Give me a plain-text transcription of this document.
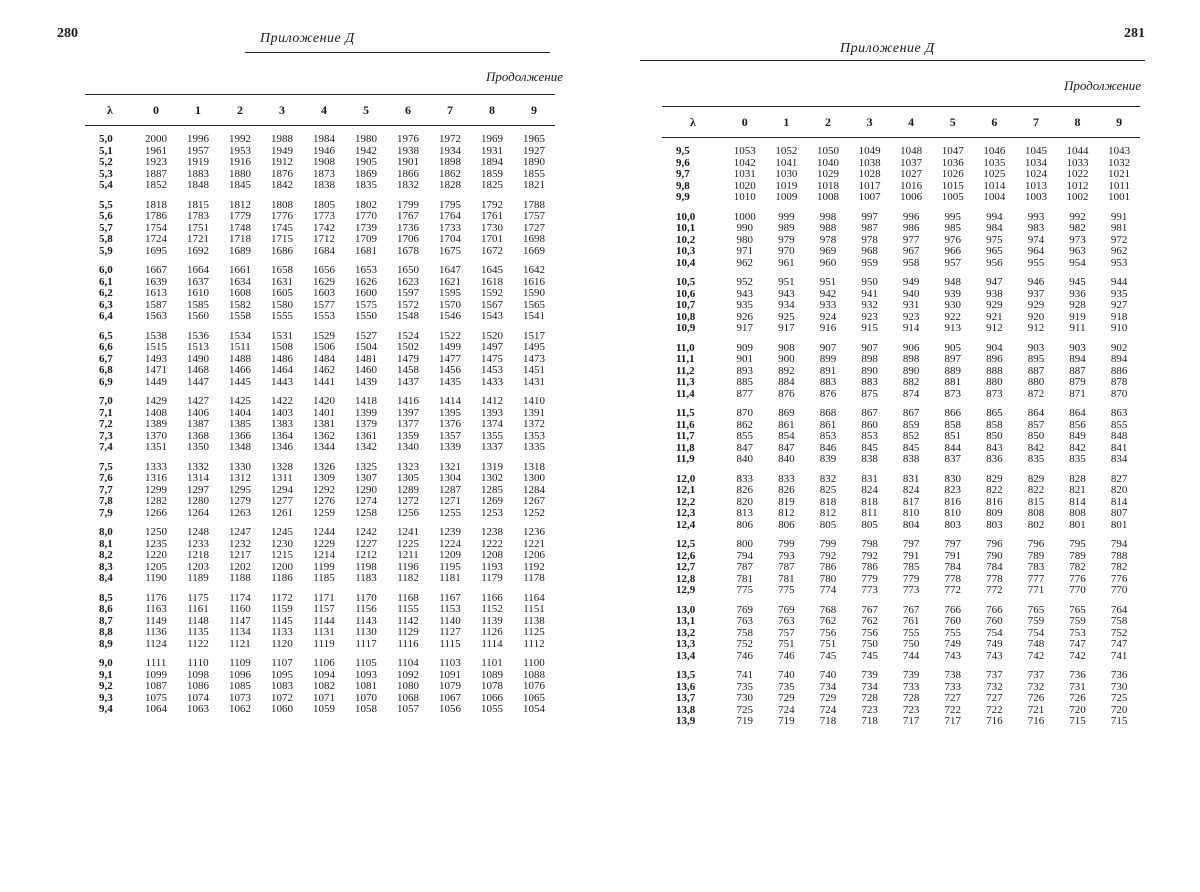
280	Приложение Д
Продолжение
λ	0	1	2	3	4	5	6	7	8	9

5,0	2000	1996	1992	1988	1984	1980	1976	1972	1969	1965
5,1	1961	1957	1953	1949	1946	1942	1938	1934	1931	1927
5,2	1923	1919	1916	1912	1908	1905	1901	1898	1894	1890
5,3	1887	1883	1880	1876	1873	1869	1866	1862	1859	1855
5,4	1852	1848	1845	1842	1838	1835	1832	1828	1825	1821

5,5	1818	1815	1812	1808	1805	1802	1799	1795	1792	1788
5,6	1786	1783	1779	1776	1773	1770	1767	1764	1761	1757
5,7	1754	1751	1748	1745	1742	1739	1736	1733	1730	1727
5,8	1724	1721	1718	1715	1712	1709	1706	1704	1701	1698
5,9	1695	1692	1689	1686	1684	1681	1678	1675	1672	1669

6,0	1667	1664	1661	1658	1656	1653	1650	1647	1645	1642
6,1	1639	1637	1634	1631	1629	1626	1623	1621	1618	1616
6,2	1613	1610	1608	1605	1603	1600	1597	1595	1592	1590
6,3	1587	1585	1582	1580	1577	1575	1572	1570	1567	1565
6,4	1563	1560	1558	1555	1553	1550	1548	1546	1543	1541

6,5	1538	1536	1534	1531	1529	1527	1524	1522	1520	1517
6,6	1515	1513	1511	1508	1506	1504	1502	1499	1497	1495
6,7	1493	1490	1488	1486	1484	1481	1479	1477	1475	1473
6,8	1471	1468	1466	1464	1462	1460	1458	1456	1453	1451
6,9	1449	1447	1445	1443	1441	1439	1437	1435	1433	1431

7,0	1429	1427	1425	1422	1420	1418	1416	1414	1412	1410
7,1	1408	1406	1404	1403	1401	1399	1397	1395	1393	1391
7,2	1389	1387	1385	1383	1381	1379	1377	1376	1374	1372
7,3	1370	1368	1366	1364	1362	1361	1359	1357	1355	1353
7,4	1351	1350	1348	1346	1344	1342	1340	1339	1337	1335

7,5	1333	1332	1330	1328	1326	1325	1323	1321	1319	1318
7,6	1316	1314	1312	1311	1309	1307	1305	1304	1302	1300
7,7	1299	1297	1295	1294	1292	1290	1289	1287	1285	1284
7,8	1282	1280	1279	1277	1276	1274	1272	1271	1269	1267
7,9	1266	1264	1263	1261	1259	1258	1256	1255	1253	1252

8,0	1250	1248	1247	1245	1244	1242	1241	1239	1238	1236
8,1	1235	1233	1232	1230	1229	1227	1225	1224	1222	1221
8,2	1220	1218	1217	1215	1214	1212	1211	1209	1208	1206
8,3	1205	1203	1202	1200	1199	1198	1196	1195	1193	1192
8,4	1190	1189	1188	1186	1185	1183	1182	1181	1179	1178

8,5	1176	1175	1174	1172	1171	1170	1168	1167	1166	1164
8,6	1163	1161	1160	1159	1157	1156	1155	1153	1152	1151
8,7	1149	1148	1147	1145	1144	1143	1142	1140	1139	1138
8,8	1136	1135	1134	1133	1131	1130	1129	1127	1126	1125
8,9	1124	1122	1121	1120	1119	1117	1116	1115	1114	1112

9,0	1111	1110	1109	1107	1106	1105	1104	1103	1101	1100
9,1	1099	1098	1096	1095	1094	1093	1092	1091	1089	1088
9,2	1087	1086	1085	1083	1082	1081	1080	1079	1078	1076
9,3	1075	1074	1073	1072	1071	1070	1068	1067	1066	1065
9,4	1064	1063	1062	1060	1059	1058	1057	1056	1055	1054
281
Приложение Д
Продолжение
λ	0	1	2	3	4	5	6	7	8	9

9,5	1053	1052	1050	1049	1048	1047	1046	1045	1044	1043
9,6	1042	1041	1040	1038	1037	1036	1035	1034	1033	1032
9,7	1031	1030	1029	1028	1027	1026	1025	1024	1022	1021
9,8	1020	1019	1018	1017	1016	1015	1014	1013	1012	1011
9,9	1010	1009	1008	1007	1006	1005	1004	1003	1002	1001

10,0	1000	999	998	997	996	995	994	993	992	991
10,1	990	989	988	987	986	985	984	983	982	981
10,2	980	979	978	978	977	976	975	974	973	972
10,3	971	970	969	968	967	966	965	964	963	962
10,4	962	961	960	959	958	957	956	955	954	953

10,5	952	951	951	950	949	948	947	946	945	944
10,6	943	943	942	941	940	939	938	937	936	935
10,7	935	934	933	932	931	930	929	929	928	927
10,8	926	925	924	923	923	922	921	920	919	918
10,9	917	917	916	915	914	913	912	912	911	910

11,0	909	908	907	907	906	905	904	903	903	902
11,1	901	900	899	898	898	897	896	895	894	894
11,2	893	892	891	890	890	889	888	887	887	886
11,3	885	884	883	883	882	881	880	880	879	878
11,4	877	876	876	875	874	873	873	872	871	870

11,5	870	869	868	867	867	866	865	864	864	863
11,6	862	861	861	860	859	858	858	857	856	855
11,7	855	854	853	853	852	851	850	850	849	848
11,8	847	847	846	845	845	844	843	842	842	841
11,9	840	840	839	838	838	837	836	835	835	834

12,0	833	833	832	831	831	830	829	829	828	827
12,1	826	826	825	824	824	823	822	822	821	820
12,2	820	819	818	818	817	816	816	815	814	814
12,3	813	812	812	811	810	810	809	808	808	807
12,4	806	806	805	805	804	803	803	802	801	801

12,5	800	799	799	798	797	797	796	796	795	794
12,6	794	793	792	792	791	791	790	789	789	788
12,7	787	787	786	786	785	784	784	783	782	782
12,8	781	781	780	779	779	778	778	777	776	776
12,9	775	775	774	773	773	772	772	771	770	770

13,0	769	769	768	767	767	766	766	765	765	764
13,1	763	763	762	762	761	760	760	759	759	758
13,2	758	757	756	756	755	755	754	754	753	752
13,3	752	751	751	750	750	749	749	748	747	747
13,4	746	746	745	745	744	743	743	742	742	741

13,5	741	740	740	739	739	738	737	737	736	736
13,6	735	735	734	734	733	733	732	732	731	730
13,7	730	729	729	728	728	727	727	726	726	725
13,8	725	724	724	723	723	722	722	721	720	720
13,9	719	719	718	718	717	717	716	716	715	715
